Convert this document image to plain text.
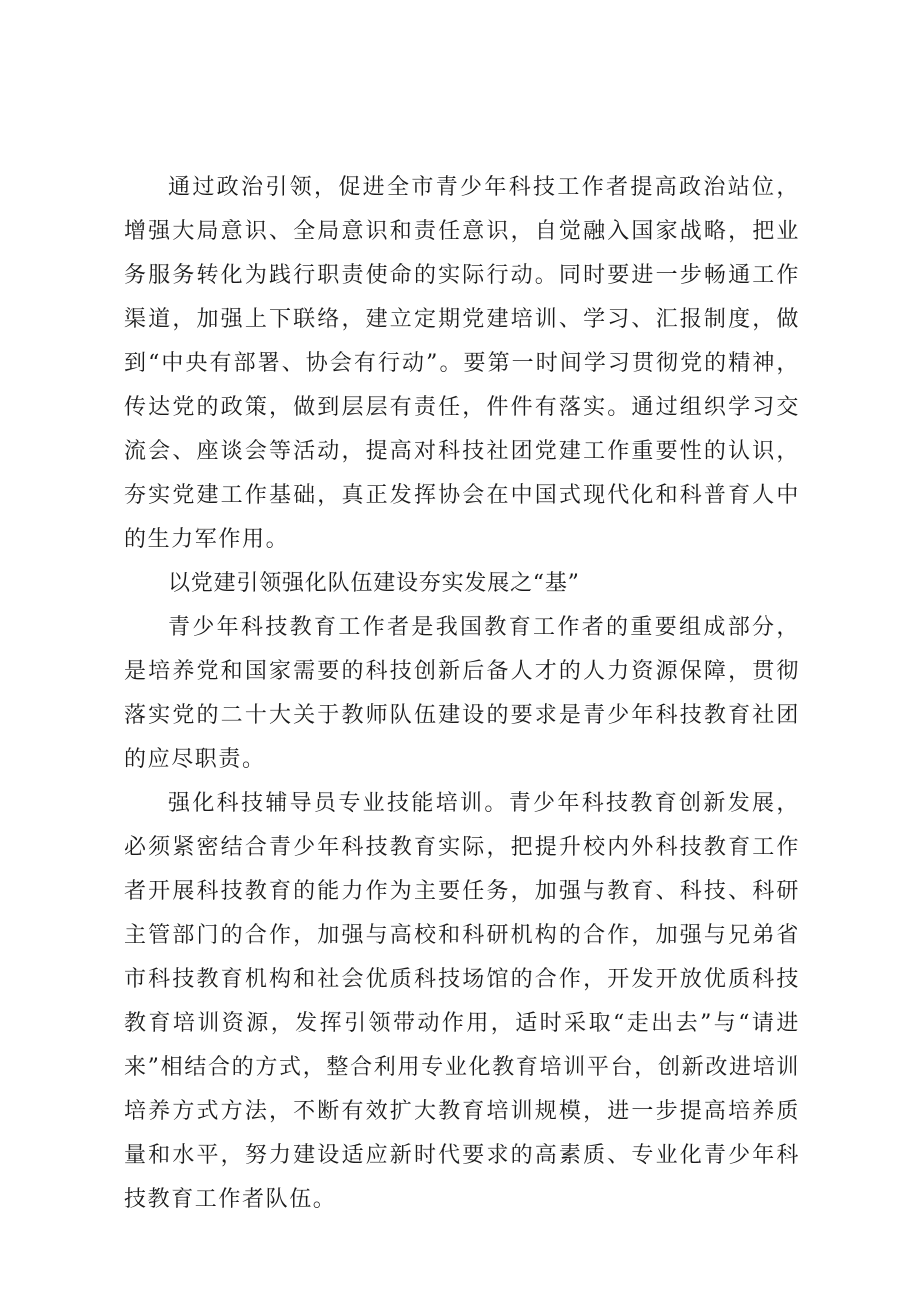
通过政治引领，促进全市青少年科技工作者提高政治站位，增强大局意识、全局意识和责任意识，自觉融入国家战略，把业务服务转化为践行职责使命的实际行动。同时要进一步畅通工作渠道，加强上下联络，建立定期党建培训、学习、汇报制度，做到“中央有部署、协会有行动”。要第一时间学习贯彻党的精神，传达党的政策，做到层层有责任，件件有落实。通过组织学习交流会、座谈会等活动，提高对科技社团党建工作重要性的认识，夯实党建工作基础，真正发挥协会在中国式现代化和科普育人中的生力军作用。

以党建引领强化队伍建设夯实发展之“基”

青少年科技教育工作者是我国教育工作者的重要组成部分，是培养党和国家需要的科技创新后备人才的人力资源保障，贯彻落实党的二十大关于教师队伍建设的要求是青少年科技教育社团的应尽职责。

强化科技辅导员专业技能培训。青少年科技教育创新发展，必须紧密结合青少年科技教育实际，把提升校内外科技教育工作者开展科技教育的能力作为主要任务，加强与教育、科技、科研主管部门的合作，加强与高校和科研机构的合作，加强与兄弟省市科技教育机构和社会优质科技场馆的合作，开发开放优质科技教育培训资源，发挥引领带动作用，适时采取“走出去”与“请进来”相结合的方式，整合利用专业化教育培训平台，创新改进培训培养方式方法，不断有效扩大教育培训规模，进一步提高培养质量和水平，努力建设适应新时代要求的高素质、专业化青少年科技教育工作者队伍。
